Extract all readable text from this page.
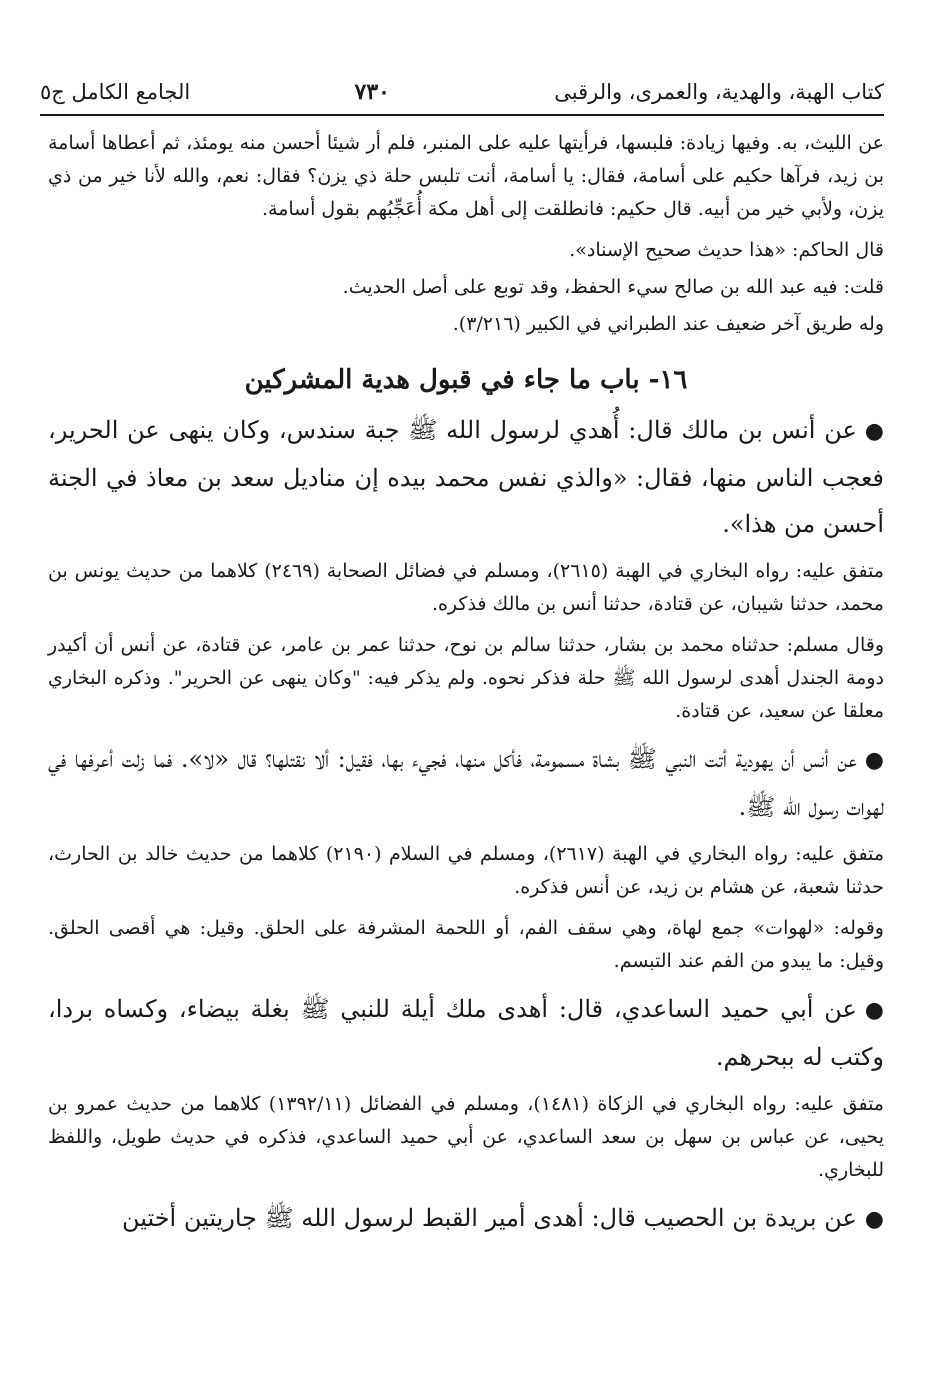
كتاب الهبة، والهدية، والعمرى، والرقبى
٧٣٠
الجامع الكامل ج٥

عن الليث، به. وفيها زيادة: فلبسها، فرأيتها عليه على المنبر، فلم أر شيئا أحسن منه يومئذ، ثم أعطاها أسامة بن زيد، فرآها حكيم على أسامة، فقال: يا أسامة، أنت تلبس حلة ذي يزن؟ فقال: نعم، والله لأنا خير من ذي يزن، ولأبي خير من أبيه. قال حكيم: فانطلقت إلى أهل مكة أُعَجِّبُهم بقول أسامة.

قال الحاكم: «هذا حديث صحيح الإسناد».

قلت: فيه عبد الله بن صالح سيء الحفظ، وقد توبع على أصل الحديث.

وله طريق آخر ضعيف عند الطبراني في الكبير (٣/٢١٦).

١٦- باب ما جاء في قبول هدية المشركين

●عن أنس بن مالك قال: أُهدي لرسول الله ﷺ جبة سندس، وكان ينهى عن الحرير، فعجب الناس منها، فقال: «والذي نفس محمد بيده إن مناديل سعد بن معاذ في الجنة أحسن من هذا».

متفق عليه: رواه البخاري في الهبة (٢٦١٥)، ومسلم في فضائل الصحابة (٢٤٦٩) كلاهما من حديث يونس بن محمد، حدثنا شيبان، عن قتادة، حدثنا أنس بن مالك فذكره.

وقال مسلم: حدثناه محمد بن بشار، حدثنا سالم بن نوح، حدثنا عمر بن عامر، عن قتادة، عن أنس أن أكيدر دومة الجندل أهدى لرسول الله ﷺ حلة فذكر نحوه. ولم يذكر فيه: "وكان ينهى عن الحرير". وذكره البخاري معلقا عن سعيد، عن قتادة.

●عن أنس أن يهودية أتت النبي ﷺ بشاة مسمومة، فأكل منها، فجيء بها، فقيل: ألا نقتلها؟ قال «لا». فما زلت أعرفها في لهوات رسول الله ﷺ.

متفق عليه: رواه البخاري في الهبة (٢٦١٧)، ومسلم في السلام (٢١٩٠) كلاهما من حديث خالد بن الحارث، حدثنا شعبة، عن هشام بن زيد، عن أنس فذكره.

وقوله: «لهوات» جمع لهاة، وهي سقف الفم، أو اللحمة المشرفة على الحلق. وقيل: هي أقصى الحلق. وقيل: ما يبدو من الفم عند التبسم.

●عن أبي حميد الساعدي، قال: أهدى ملك أيلة للنبي ﷺ بغلة بيضاء، وكساه بردا، وكتب له ببحرهم.

متفق عليه: رواه البخاري في الزكاة (١٤٨١)، ومسلم في الفضائل (١٣٩٢/١١) كلاهما من حديث عمرو بن يحيى، عن عباس بن سهل بن سعد الساعدي، عن أبي حميد الساعدي، فذكره في حديث طويل، واللفظ للبخاري.

●عن بريدة بن الحصيب قال: أهدى أمير القبط لرسول الله ﷺ جاريتين أختين
